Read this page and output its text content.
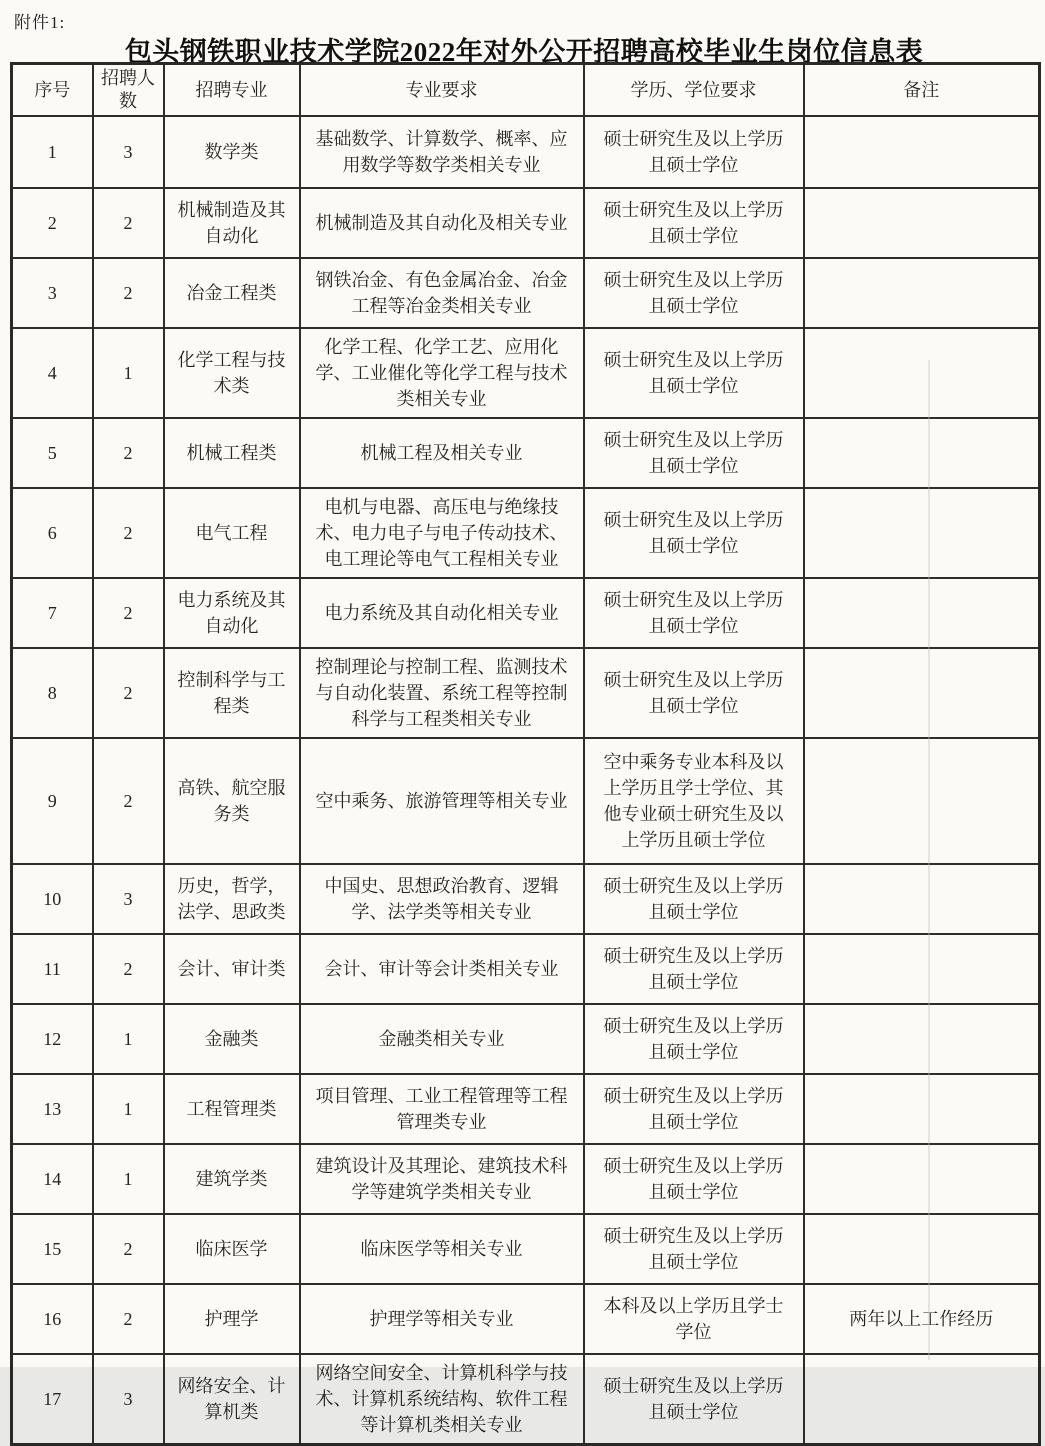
附件1:
包头钢铁职业技术学院2022年对外公开招聘高校毕业生岗位信息表
序号	招聘人数	招聘专业	专业要求	学历、学位要求	备注
1	3	数学类	基础数学、计算数学、概率、应用数学等数学类相关专业	硕士研究生及以上学历且硕士学位	
2	2	机械制造及其自动化	机械制造及其自动化及相关专业	硕士研究生及以上学历且硕士学位	
3	2	冶金工程类	钢铁冶金、有色金属冶金、冶金工程等冶金类相关专业	硕士研究生及以上学历且硕士学位	
4	1	化学工程与技术类	化学工程、化学工艺、应用化学、工业催化等化学工程与技术类相关专业	硕士研究生及以上学历且硕士学位	
5	2	机械工程类	机械工程及相关专业	硕士研究生及以上学历且硕士学位	
6	2	电气工程	电机与电器、高压电与绝缘技术、电力电子与电子传动技术、电工理论等电气工程相关专业	硕士研究生及以上学历且硕士学位	
7	2	电力系统及其自动化	电力系统及其自动化相关专业	硕士研究生及以上学历且硕士学位	
8	2	控制科学与工程类	控制理论与控制工程、监测技术与自动化装置、系统工程等控制科学与工程类相关专业	硕士研究生及以上学历且硕士学位	
9	2	高铁、航空服务类	空中乘务、旅游管理等相关专业	空中乘务专业本科及以上学历且学士学位、其他专业硕士研究生及以上学历且硕士学位	
10	3	历史，哲学，法学、思政类	中国史、思想政治教育、逻辑学、法学类等相关专业	硕士研究生及以上学历且硕士学位	
11	2	会计、审计类	会计、审计等会计类相关专业	硕士研究生及以上学历且硕士学位	
12	1	金融类	金融类相关专业	硕士研究生及以上学历且硕士学位	
13	1	工程管理类	项目管理、工业工程管理等工程管理类专业	硕士研究生及以上学历且硕士学位	
14	1	建筑学类	建筑设计及其理论、建筑技术科学等建筑学类相关专业	硕士研究生及以上学历且硕士学位	
15	2	临床医学	临床医学等相关专业	硕士研究生及以上学历且硕士学位	
16	2	护理学	护理学等相关专业	本科及以上学历且学士学位	两年以上工作经历
17	3	网络安全、计算机类	网络空间安全、计算机科学与技术、计算机系统结构、软件工程等计算机类相关专业	硕士研究生及以上学历且硕士学位	
